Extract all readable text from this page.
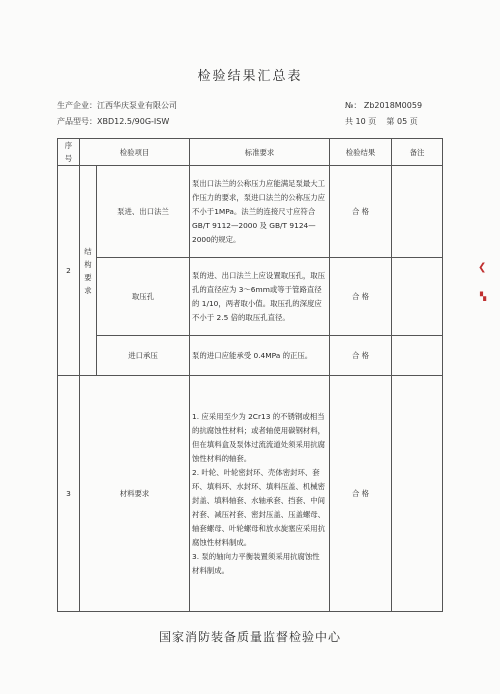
检验结果汇总表
生产企业：江西华庆泵业有限公司
产品型号：XBD12.5/90G-ISW
№： Zb2018M0059
共 10 页    第 05 页
序号	检验项目		标准要求	检验结果	备注
2	结构要求	泵进、出口法兰	泵出口法兰的公称压力应能满足泵最大工作压力的要求，泵进口法兰的公称压力应不小于1MPa。法兰的连接尺寸应符合GB/T 9112—2000 及 GB/T 9124—2000的规定。	合 格	
		取压孔	泵的进、出口法兰上应设置取压孔，取压孔的直径应为 3～6mm或等于管路直径的 1/10，两者取小值。取压孔的深度应不小于 2.5 倍的取压孔直径。	合 格	
		进口承压	泵的进口应能承受 0.4MPa 的正压。	合 格	
3	材料要求		1. 应采用至少为 2Cr13 的不锈钢或相当的抗腐蚀性材料；或者轴使用碳钢材料，但在填料盒及泵体过流流道处须采用抗腐蚀性材料的轴套。
2. 叶轮、叶轮密封环、壳体密封环、套环、填料环、水封环、填料压盖、机械密封盖、填料轴套、水轴承套、挡套、中间衬套、减压衬套、密封压盖、压盖螺母、轴套螺母、叶轮螺母和放水旋塞应采用抗腐蚀性材料制成。
3. 泵的轴向力平衡装置须采用抗腐蚀性材料制成。	合 格	
国家消防装备质量监督检验中心
❮
▚
